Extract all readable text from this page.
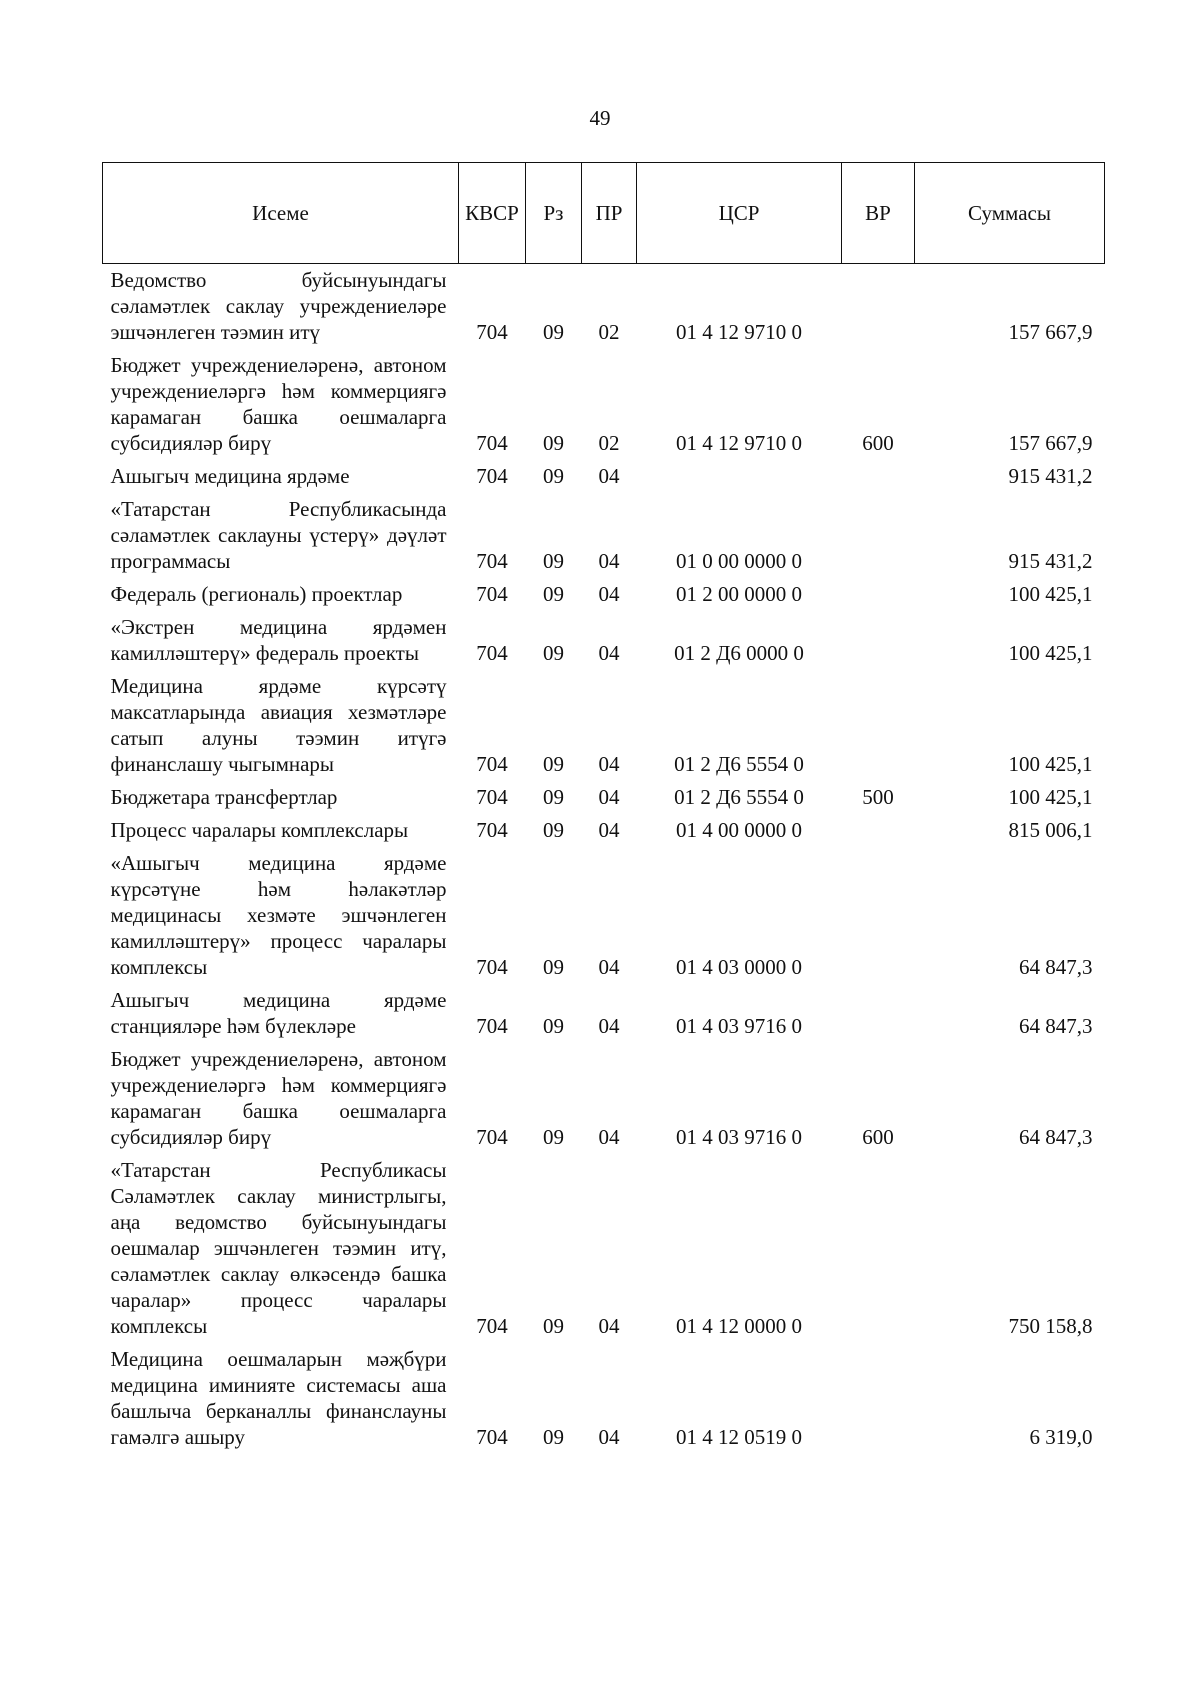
49
Исеме	КВСР	Рз	ПР	ЦСР	ВР	Суммасы
Ведомство буйсынуындагы сәламәтлек саклау учреждениеләре эшчәнлеген тәэмин итү	704	09	02	01 4 12 9710 0		157 667,9
Бюджет учреждениеләренә, автоном учреждениеләргә һәм коммерциягә карамаган башка оешмаларга субсидияләр бирү	704	09	02	01 4 12 9710 0	600	157 667,9
Ашыгыч медицина ярдәме	704	09	04			915 431,2
«Татарстан Республикасында сәламәтлек саклауны үстерү» дәүләт программасы	704	09	04	01 0 00 0000 0		915 431,2
Федераль (региональ) проектлар	704	09	04	01 2 00 0000 0		100 425,1
«Экстрен медицина ярдәмен камилләштерү» федераль проекты	704	09	04	01 2 Д6 0000 0		100 425,1
Медицина ярдәме күрсәтү максатларында авиация хезмәтләре сатып алуны тәэмин итүгә финанслашу чыгымнары	704	09	04	01 2 Д6 5554 0		100 425,1
Бюджетара трансфертлар	704	09	04	01 2 Д6 5554 0	500	100 425,1
Процесс чаралары комплекслары	704	09	04	01 4 00 0000 0		815 006,1
«Ашыгыч медицина ярдәме күрсәтүне һәм һәлакәтләр медицинасы хезмәте эшчәнлеген камилләштерү» процесс чаралары комплексы	704	09	04	01 4 03 0000 0		64 847,3
Ашыгыч медицина ярдәме станцияләре һәм бүлекләре	704	09	04	01 4 03 9716 0		64 847,3
Бюджет учреждениеләренә, автоном учреждениеләргә һәм коммерциягә карамаган башка оешмаларга субсидияләр бирү	704	09	04	01 4 03 9716 0	600	64 847,3
«Татарстан Республикасы Сәламәтлек саклау министрлыгы, аңа ведомство буйсынуындагы оешмалар эшчәнлеген тәэмин итү, сәламәтлек саклау өлкәсендә башка чаралар» процесс чаралары комплексы	704	09	04	01 4 12 0000 0		750 158,8
Медицина оешмаларын мәҗбүри медицина иминияте системасы аша башлыча берканаллы финанслауны гамәлгә ашыру	704	09	04	01 4 12 0519 0		6 319,0
